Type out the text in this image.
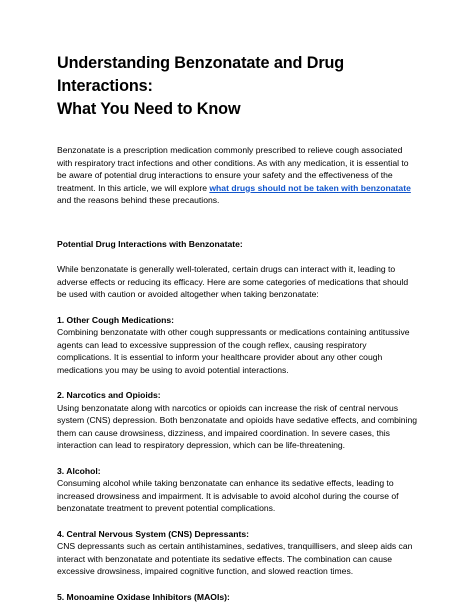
Understanding Benzonatate and Drug Interactions:
What You Need to Know

Benzonatate is a prescription medication commonly prescribed to relieve cough associated with respiratory tract infections and other conditions. As with any medication, it is essential to be aware of potential drug interactions to ensure your safety and the effectiveness of the treatment. In this article, we will explore what drugs should not be taken with benzonatate and the reasons behind these precautions.

Potential Drug Interactions with Benzonatate:

While benzonatate is generally well-tolerated, certain drugs can interact with it, leading to adverse effects or reducing its efficacy. Here are some categories of medications that should be used with caution or avoided altogether when taking benzonatate:

1. Other Cough Medications:
Combining benzonatate with other cough suppressants or medications containing antitussive agents can lead to excessive suppression of the cough reflex, causing respiratory complications. It is essential to inform your healthcare provider about any other cough medications you may be using to avoid potential interactions.

2. Narcotics and Opioids:
Using benzonatate along with narcotics or opioids can increase the risk of central nervous system (CNS) depression. Both benzonatate and opioids have sedative effects, and combining them can cause drowsiness, dizziness, and impaired coordination. In severe cases, this interaction can lead to respiratory depression, which can be life-threatening.

3. Alcohol:
Consuming alcohol while taking benzonatate can enhance its sedative effects, leading to increased drowsiness and impairment. It is advisable to avoid alcohol during the course of benzonatate treatment to prevent potential complications.

4. Central Nervous System (CNS) Depressants:
CNS depressants such as certain antihistamines, sedatives, tranquillisers, and sleep aids can interact with benzonatate and potentiate its sedative effects. The combination can cause excessive drowsiness, impaired cognitive function, and slowed reaction times.

5. Monoamine Oxidase Inhibitors (MAOIs):
